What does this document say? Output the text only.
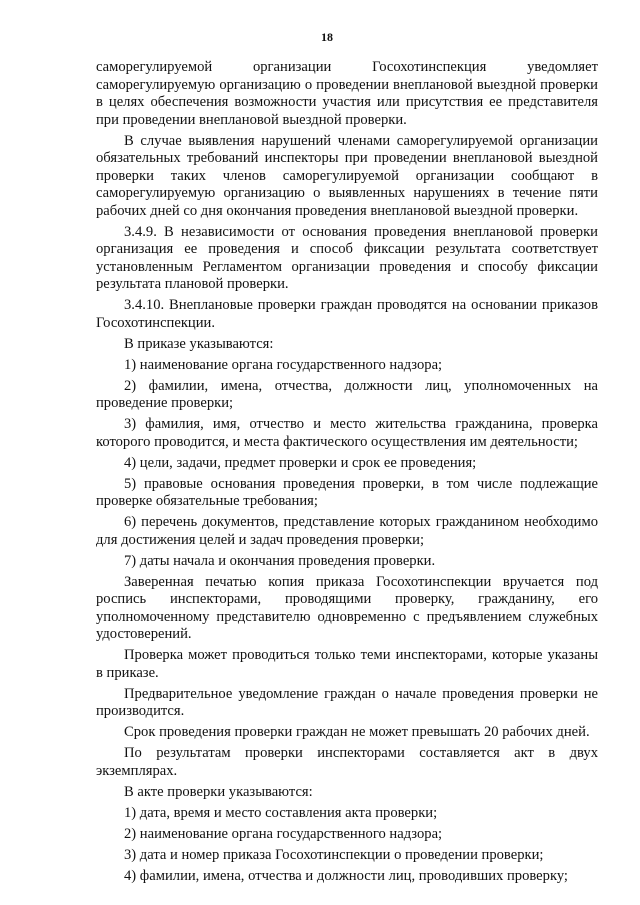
18

саморегулируемой организации Госохотинспекция уведомляет саморегулируемую организацию о проведении внеплановой выездной проверки в целях обеспечения возможности участия или присутствия ее представителя при проведении внеплановой выездной проверки.

В случае выявления нарушений членами саморегулируемой организации обязательных требований инспекторы при проведении внеплановой выездной проверки таких членов саморегулируемой организации сообщают в саморегулируемую организацию о выявленных нарушениях в течение пяти рабочих дней со дня окончания проведения внеплановой выездной проверки.

3.4.9. В независимости от основания проведения внеплановой проверки организация ее проведения и способ фиксации результата соответствует установленным Регламентом организации проведения и способу фиксации результата плановой проверки.

3.4.10. Внеплановые проверки граждан проводятся на основании приказов Госохотинспекции.

В приказе указываются:

1) наименование органа государственного надзора;

2) фамилии, имена, отчества, должности лиц, уполномоченных на проведение проверки;

3) фамилия, имя, отчество и место жительства гражданина, проверка которого проводится, и места фактического осуществления им деятельности;

4) цели, задачи, предмет проверки и срок ее проведения;

5) правовые основания проведения проверки, в том числе подлежащие проверке обязательные требования;

6) перечень документов, представление которых гражданином необходимо для достижения целей и задач проведения проверки;

7) даты начала и окончания проведения проверки.

Заверенная печатью копия приказа Госохотинспекции вручается под роспись инспекторами, проводящими проверку, гражданину, его уполномоченному представителю одновременно с предъявлением служебных удостоверений.

Проверка может проводиться только теми инспекторами, которые указаны в приказе.

Предварительное уведомление граждан о начале проведения проверки не производится.

Срок проведения проверки граждан не может превышать 20 рабочих дней.

По результатам проверки инспекторами составляется акт в двух экземплярах.

В акте проверки указываются:

1) дата, время и место составления акта проверки;

2) наименование органа государственного надзора;

3) дата и номер приказа Госохотинспекции о проведении проверки;

4) фамилии, имена, отчества и должности лиц, проводивших проверку;
